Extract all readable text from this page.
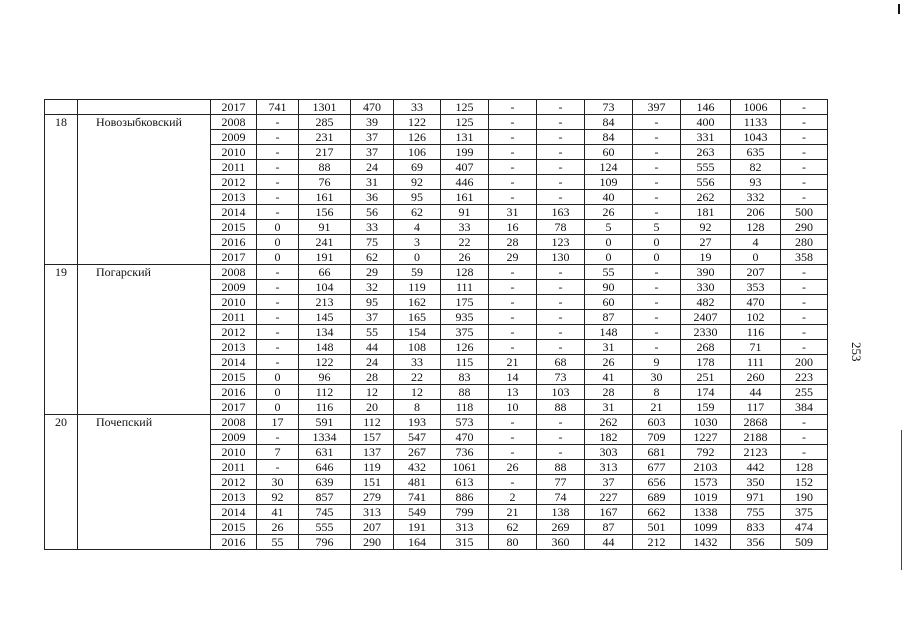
		2017	741	1301	470	33	125	-	-	73	397	146	1006	-
18	Новозыбковский	2008	-	285	39	122	125	-	-	84	-	400	1133	-
		2009	-	231	37	126	131	-	-	84	-	331	1043	-
		2010	-	217	37	106	199	-	-	60	-	263	635	-
		2011	-	88	24	69	407	-	-	124	-	555	82	-
		2012	-	76	31	92	446	-	-	109	-	556	93	-
		2013	-	161	36	95	161	-	-	40	-	262	332	-
		2014	-	156	56	62	91	31	163	26	-	181	206	500
		2015	0	91	33	4	33	16	78	5	5	92	128	290
		2016	0	241	75	3	22	28	123	0	0	27	4	280
		2017	0	191	62	0	26	29	130	0	0	19	0	358
19	Погарский	2008	-	66	29	59	128	-	-	55	-	390	207	-
		2009	-	104	32	119	111	-	-	90	-	330	353	-
		2010	-	213	95	162	175	-	-	60	-	482	470	-
		2011	-	145	37	165	935	-	-	87	-	2407	102	-
		2012	-	134	55	154	375	-	-	148	-	2330	116	-
		2013	-	148	44	108	126	-	-	31	-	268	71	-
		2014	-	122	24	33	115	21	68	26	9	178	111	200
		2015	0	96	28	22	83	14	73	41	30	251	260	223
		2016	0	112	12	12	88	13	103	28	8	174	44	255
		2017	0	116	20	8	118	10	88	31	21	159	117	384
20	Почепский	2008	17	591	112	193	573	-	-	262	603	1030	2868	-
		2009	-	1334	157	547	470	-	-	182	709	1227	2188	-
		2010	7	631	137	267	736	-	-	303	681	792	2123	-
		2011	-	646	119	432	1061	26	88	313	677	2103	442	128
		2012	30	639	151	481	613	-	77	37	656	1573	350	152
		2013	92	857	279	741	886	2	74	227	689	1019	971	190
		2014	41	745	313	549	799	21	138	167	662	1338	755	375
		2015	26	555	207	191	313	62	269	87	501	1099	833	474
		2016	55	796	290	164	315	80	360	44	212	1432	356	509
253
